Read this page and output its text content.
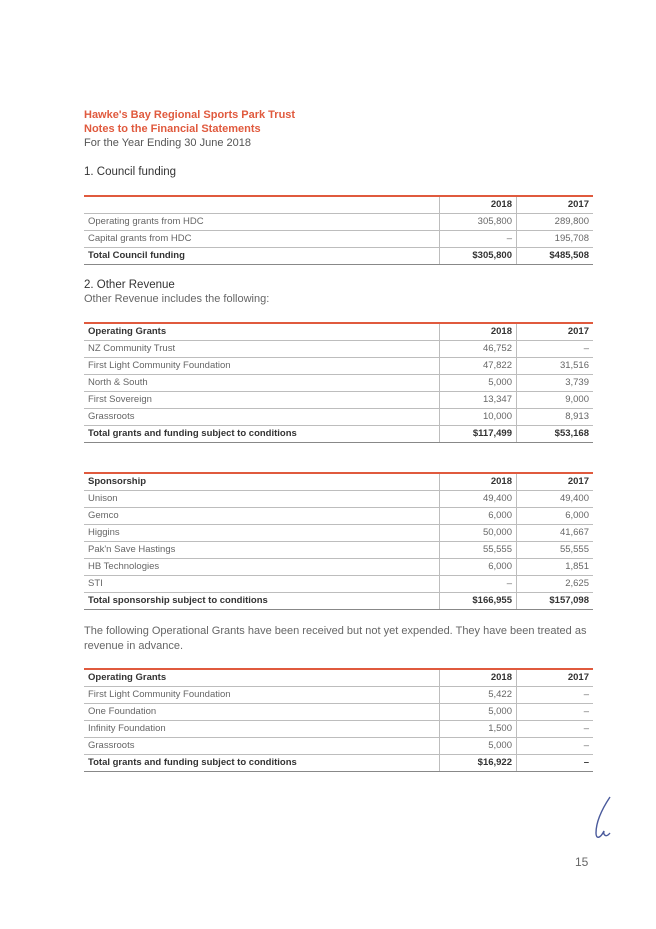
Hawke's Bay Regional Sports Park Trust
Notes to the Financial Statements
For the Year Ending 30 June 2018
1. Council funding
	2018	2017
Operating grants from HDC	305,800	289,800
Capital grants from HDC	–	195,708
Total Council funding	$305,800	$485,508
2. Other Revenue
Other Revenue includes the following:
Operating Grants	2018	2017
NZ Community Trust	46,752	–
First Light Community Foundation	47,822	31,516
North & South	5,000	3,739
First Sovereign	13,347	9,000
Grassroots	10,000	8,913
Total grants and funding subject to conditions	$117,499	$53,168
Sponsorship	2018	2017
Unison	49,400	49,400
Gemco	6,000	6,000
Higgins	50,000	41,667
Pak'n Save Hastings	55,555	55,555
HB Technologies	6,000	1,851
STI	–	2,625
Total sponsorship subject to conditions	$166,955	$157,098
The following Operational Grants have been received but not yet expended. They have been treated as revenue in advance.
Operating Grants	2018	2017
First Light Community Foundation	5,422	–
One Foundation	5,000	–
Infinity Foundation	1,500	–
Grassroots	5,000	–
Total grants and funding subject to conditions	$16,922	–
15
